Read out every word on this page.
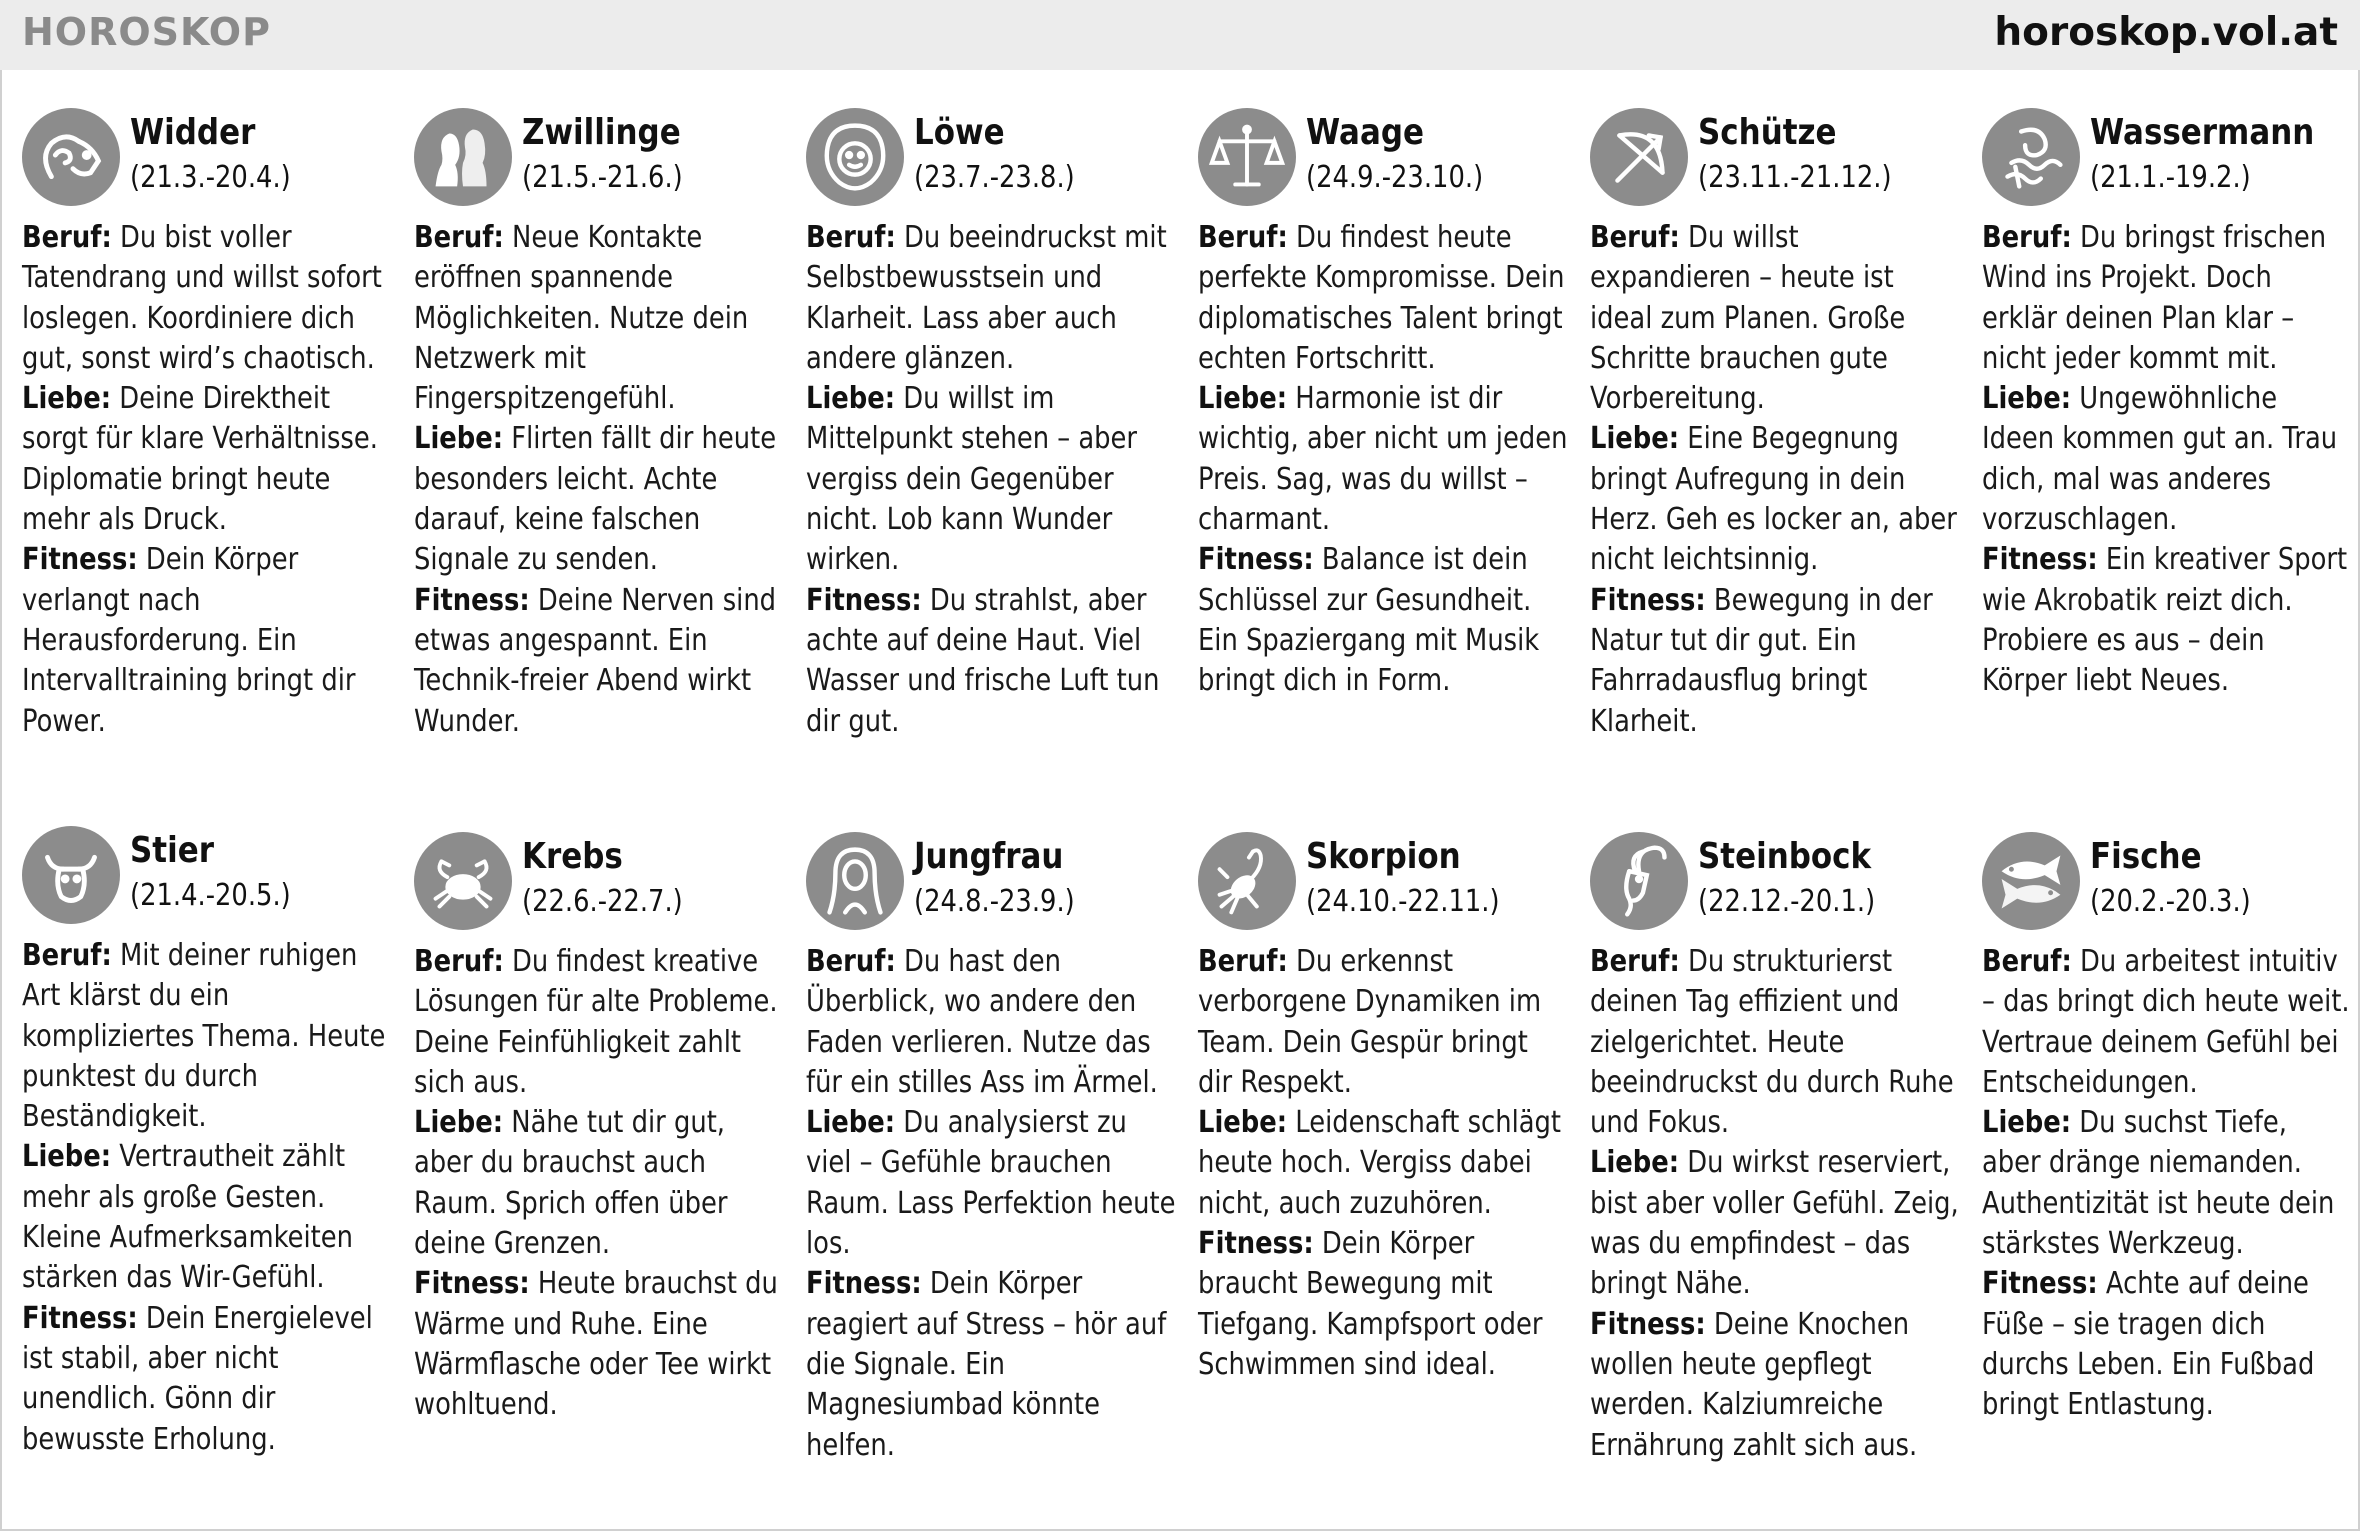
HOROSKOP	horoskop.vol.at
Widder
(21.3.-20.4.)

Beruf: Du bist voller Tatendrang und willst sofort loslegen. Koordiniere dich gut, sonst wird’s chaotisch.

Liebe: Deine Direktheit sorgt für klare Verhältnisse. Diplomatie bringt heute mehr als Druck.

Fitness: Dein Körper verlangt nach Herausforderung. Ein Intervalltraining bringt dir Power.

Zwillinge
(21.5.-21.6.)

Beruf: Neue Kontakte eröffnen spannende Möglichkeiten. Nutze dein Netzwerk mit Fingerspitzengefühl.

Liebe: Flirten fällt dir heute besonders leicht. Achte darauf, keine falschen Signale zu senden.

Fitness: Deine Nerven sind etwas angespannt. Ein Technik-freier Abend wirkt Wunder.

Löwe
(23.7.-23.8.)

Beruf: Du beeindruckst mit Selbstbewusstsein und Klarheit. Lass aber auch andere glänzen.

Liebe: Du willst im Mittelpunkt stehen – aber vergiss dein Gegenüber nicht. Lob kann Wunder wirken.

Fitness: Du strahlst, aber achte auf deine Haut. Viel Wasser und frische Luft tun dir gut.

Waage
(24.9.-23.10.)

Beruf: Du findest heute perfekte Kompromisse. Dein diplomatisches Talent bringt echten Fortschritt.

Liebe: Harmonie ist dir wichtig, aber nicht um jeden Preis. Sag, was du willst – charmant.

Fitness: Balance ist dein Schlüssel zur Gesundheit. Ein Spaziergang mit Musik bringt dich in Form.

Schütze
(23.11.-21.12.)

Beruf: Du willst expandieren – heute ist ideal zum Planen. Große Schritte brauchen gute Vorbereitung.

Liebe: Eine Begegnung bringt Aufregung in dein Herz. Geh es locker an, aber nicht leichtsinnig.

Fitness: Bewegung in der Natur tut dir gut. Ein Fahrradausflug bringt Klarheit.

Wassermann
(21.1.-19.2.)

Beruf: Du bringst frischen Wind ins Projekt. Doch erklär deinen Plan klar – nicht jeder kommt mit.

Liebe: Ungewöhnliche Ideen kommen gut an. Trau dich, mal was anderes vorzuschlagen.

Fitness: Ein kreativer Sport wie Akrobatik reizt dich. Probiere es aus – dein Körper liebt Neues.

Stier
(21.4.-20.5.)

Beruf: Mit deiner ruhigen Art klärst du ein kompliziertes Thema. Heute punktest du durch Beständigkeit.

Liebe: Vertrautheit zählt mehr als große Gesten. Kleine Aufmerksamkeiten stärken das Wir-Gefühl.

Fitness: Dein Energielevel ist stabil, aber nicht unendlich. Gönn dir bewusste Erholung.

Krebs
(22.6.-22.7.)

Beruf: Du findest kreative Lösungen für alte Probleme. Deine Feinfühligkeit zahlt sich aus.

Liebe: Nähe tut dir gut, aber du brauchst auch Raum. Sprich offen über deine Grenzen.

Fitness: Heute brauchst du Wärme und Ruhe. Eine Wärmflasche oder Tee wirkt wohltuend.

Jungfrau
(24.8.-23.9.)

Beruf: Du hast den Überblick, wo andere den Faden verlieren. Nutze das für ein stilles Ass im Ärmel.

Liebe: Du analysierst zu viel – Gefühle brauchen Raum. Lass Perfektion heute los.

Fitness: Dein Körper reagiert auf Stress – hör auf die Signale. Ein Magnesiumbad könnte helfen.

Skorpion
(24.10.-22.11.)

Beruf: Du erkennst verborgene Dynamiken im Team. Dein Gespür bringt dir Respekt.

Liebe: Leidenschaft schlägt heute hoch. Vergiss dabei nicht, auch zuzuhören.

Fitness: Dein Körper braucht Bewegung mit Tiefgang. Kampfsport oder Schwimmen sind ideal.

Steinbock
(22.12.-20.1.)

Beruf: Du strukturierst deinen Tag effizient und zielgerichtet. Heute beeindruckst du durch Ruhe und Fokus.

Liebe: Du wirkst reserviert, bist aber voller Gefühl. Zeig, was du empfindest – das bringt Nähe.

Fitness: Deine Knochen wollen heute gepflegt werden. Kalziumreiche Ernährung zahlt sich aus.

Fische
(20.2.-20.3.)

Beruf: Du arbeitest intuitiv – das bringt dich heute weit. Vertraue deinem Gefühl bei Entscheidungen.

Liebe: Du suchst Tiefe, aber dränge niemanden. Authentizität ist heute dein stärkstes Werkzeug.

Fitness: Achte auf deine Füße – sie tragen dich durchs Leben. Ein Fußbad bringt Entlastung.
